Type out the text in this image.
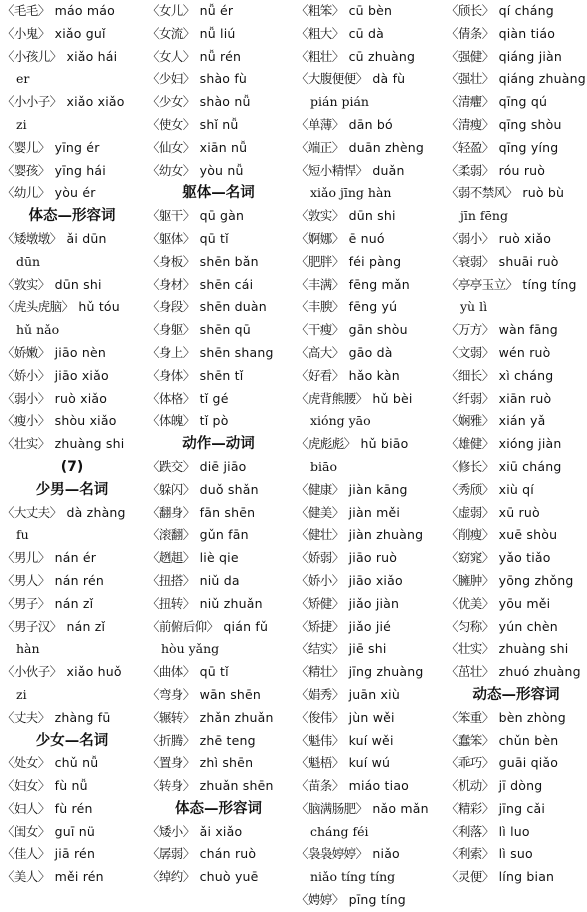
〈毛毛〉 máo máo
〈小鬼〉 xiǎo guǐ
〈小孩儿〉 xiǎo hái
er
〈小小子〉 xiǎo xiǎo
zi
〈婴儿〉 yīng ér
〈婴孩〉 yīng hái
〈幼儿〉 yòu ér
体态—形容词
〈矮墩墩〉 ǎi dūn
dūn
〈敦实〉 dūn shi
〈虎头虎脑〉 hǔ tóu
hǔ nǎo
〈娇嫩〉 jiāo nèn
〈娇小〉 jiāo xiǎo
〈弱小〉 ruò xiǎo
〈瘦小〉 shòu xiǎo
〈壮实〉 zhuàng shi
(7)
少男—名词
〈大丈夫〉 dà zhàng
fu
〈男儿〉 nán ér
〈男人〉 nán rén
〈男子〉 nán zǐ
〈男子汉〉 nán zǐ
hàn
〈小伙子〉 xiǎo huǒ
zi
〈丈夫〉 zhàng fū
少女—名词
〈处女〉 chǔ nǚ
〈妇女〉 fù nǚ
〈妇人〉 fù rén
〈闺女〉 guī nü
〈佳人〉 jiā rén
〈美人〉 měi rén
〈女儿〉 nǚ ér
〈女流〉 nǚ liú
〈女人〉 nǚ rén
〈少妇〉 shào fù
〈少女〉 shào nǚ
〈使女〉 shǐ nǚ
〈仙女〉 xiān nǚ
〈幼女〉 yòu nǚ
躯体—名词
〈躯干〉 qū gàn
〈躯体〉 qū tǐ
〈身板〉 shēn bǎn
〈身材〉 shēn cái
〈身段〉 shēn duàn
〈身躯〉 shēn qū
〈身上〉 shēn shang
〈身体〉 shēn tǐ
〈体格〉 tǐ gé
〈体魄〉 tǐ pò
动作—动词
〈跌交〉 diē jiāo
〈躲闪〉 duǒ shǎn
〈翻身〉 fān shēn
〈滚翻〉 gǔn fān
〈趔趄〉 liè qie
〈扭搭〉 niǔ da
〈扭转〉 niǔ zhuǎn
〈前俯后仰〉 qián fǔ
hòu yǎng
〈曲体〉 qū tǐ
〈弯身〉 wān shēn
〈辗转〉 zhǎn zhuǎn
〈折腾〉 zhē teng
〈置身〉 zhì shēn
〈转身〉 zhuǎn shēn
体态—形容词
〈矮小〉 ǎi xiǎo
〈孱弱〉 chán ruò
〈绰约〉 chuò yuē
〈粗笨〉 cū bèn
〈粗大〉 cū dà
〈粗壮〉 cū zhuàng
〈大腹便便〉 dà fù
pián pián
〈单薄〉 dān bó
〈端正〉 duān zhèng
〈短小精悍〉 duǎn
xiǎo jīng hàn
〈敦实〉 dūn shi
〈婀娜〉 ē nuó
〈肥胖〉 féi pàng
〈丰满〉 fēng mǎn
〈丰腴〉 fēng yú
〈干瘦〉 gān shòu
〈高大〉 gāo dà
〈好看〉 hǎo kàn
〈虎背熊腰〉 hǔ bèi
xióng yāo
〈虎彪彪〉 hǔ biāo
biāo
〈健康〉 jiàn kāng
〈健美〉 jiàn měi
〈健壮〉 jiàn zhuàng
〈娇弱〉 jiāo ruò
〈娇小〉 jiāo xiǎo
〈矫健〉 jiǎo jiàn
〈矫捷〉 jiǎo jié
〈结实〉 jiē shi
〈精壮〉 jīng zhuàng
〈娟秀〉 juān xiù
〈俊伟〉 jùn wěi
〈魁伟〉 kuí wěi
〈魁梧〉 kuí wú
〈苗条〉 miáo tiao
〈脑满肠肥〉 nǎo mǎn
cháng féi
〈袅袅婷婷〉 niǎo
niǎo tíng tíng
〈娉婷〉 pīng tíng
〈颀长〉 qí cháng
〈倩条〉 qiàn tiáo
〈强健〉 qiáng jiàn
〈强壮〉 qiáng zhuàng
〈清癯〉 qīng qú
〈清瘦〉 qīng shòu
〈轻盈〉 qīng yíng
〈柔弱〉 róu ruò
〈弱不禁风〉 ruò bù
jīn fēng
〈弱小〉 ruò xiǎo
〈衰弱〉 shuāi ruò
〈亭亭玉立〉 tíng tíng
yù lì
〈万方〉 wàn fāng
〈文弱〉 wén ruò
〈细长〉 xì cháng
〈纤弱〉 xiān ruò
〈娴雅〉 xián yǎ
〈雄健〉 xióng jiàn
〈修长〉 xiū cháng
〈秀颀〉 xiù qí
〈虚弱〉 xū ruò
〈削瘦〉 xuē shòu
〈窈窕〉 yǎo tiǎo
〈臃肿〉 yōng zhǒng
〈优美〉 yōu měi
〈匀称〉 yún chèn
〈壮实〉 zhuàng shi
〈茁壮〉 zhuó zhuàng
动态—形容词
〈笨重〉 bèn zhòng
〈蠢笨〉 chǔn bèn
〈乖巧〉 guāi qiǎo
〈机动〉 jī dòng
〈精彩〉 jīng cǎi
〈利落〉 lì luo
〈利索〉 lì suo
〈灵便〉 líng bian
